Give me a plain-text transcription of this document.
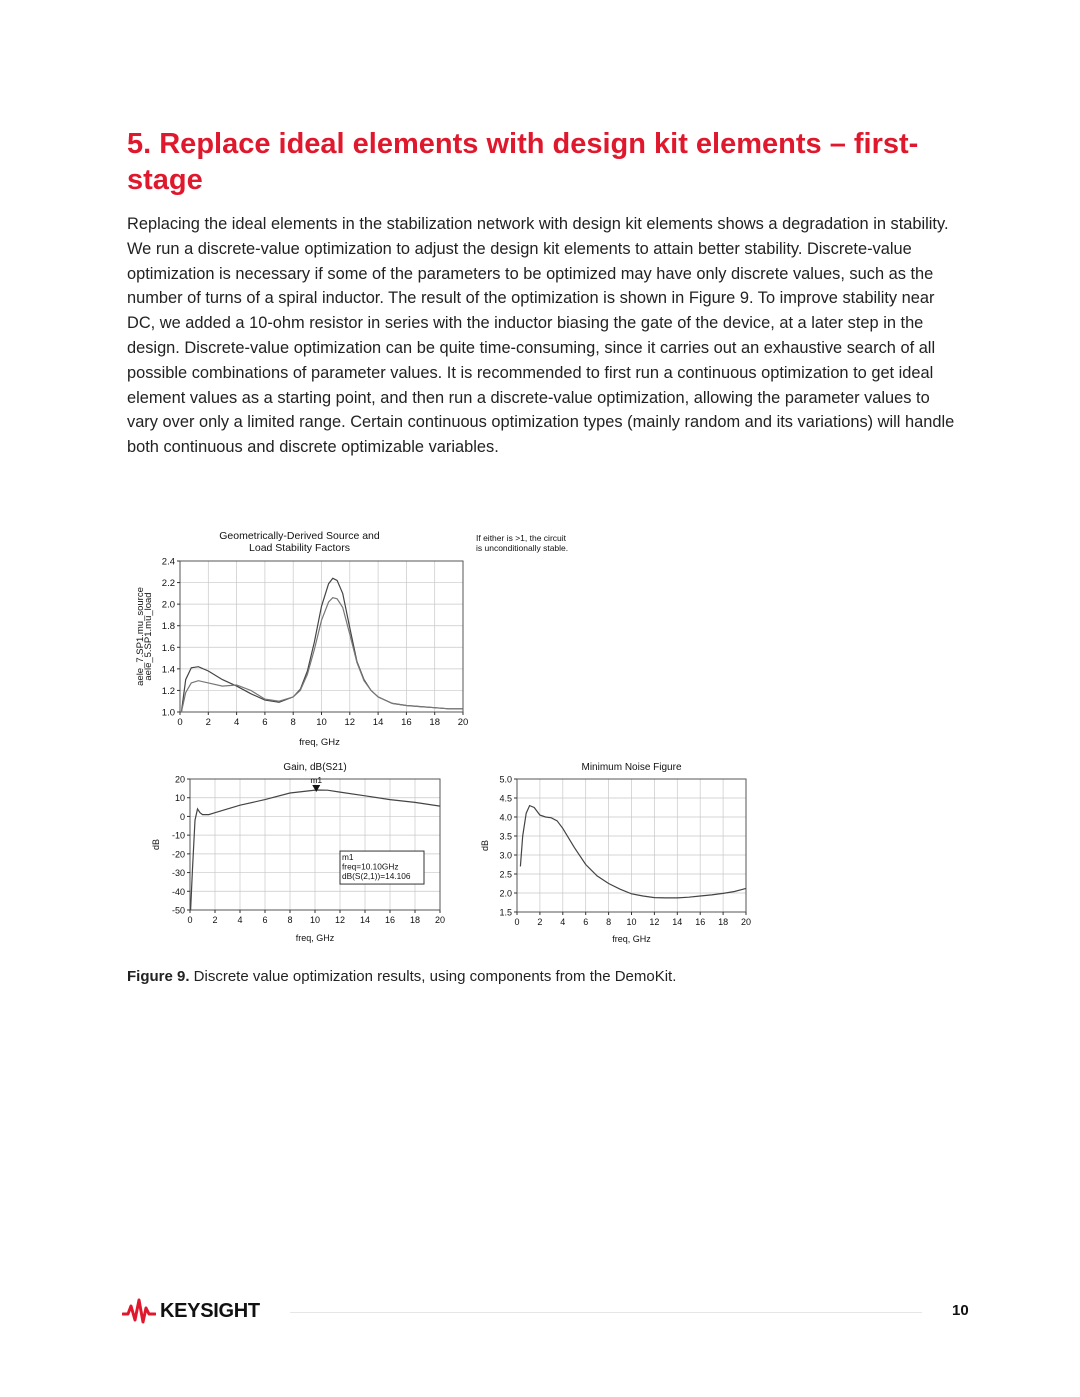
5. Replace ideal elements with design kit elements – first-stage

Replacing the ideal elements in the stabilization network with design kit elements shows a degradation in stability. We run a discrete-value optimization to adjust the design kit elements to attain better stability. Discrete-value optimization is necessary if some of the parameters to be optimized may have only discrete values, such as the number of turns of a spiral inductor. The result of the optimization is shown in Figure 9. To improve stability near DC, we added a 10-ohm resistor in series with the inductor biasing the gate of the device, at a later step in the design. Discrete-value optimization can be quite time-consuming, since it carries out an exhaustive search of all possible combinations of parameter values. It is recommended to first run a continuous optimization to get ideal element values as a starting point, and then run a discrete-value optimization, allowing the parameter values to vary over only a limited range. Certain continuous optimization types (mainly random and its variations) will handle both continuous and discrete optimizable variables.

Geometrically-Derived Source and
Load Stability Factors
0 2 4 6 8 10 12 14 16 18 20
1.0
1.2
1.4
1.6
1.8
2.0
2.2
2.4
freq, GHz
aele_7.SP1.mu_source
aele_5.SP1.mu_load
If either is >1, the circuit
is unconditionally stable.
Gain, dB(S21)
0 2 4 6 8 10 12 14 16 18 20
-50
-40
-30
-20
-10
0
10
20
freq, GHz
dB
m1
m1
freq=10.10GHz
dB(S(2,1))=14.106
Minimum Noise Figure
0 2 4 6 8 10 12 14 16 18 20
1.5
2.0
2.5
3.0
3.5
4.0
4.5
5.0
freq, GHz
dB

Figure 9. Discrete value optimization results, using components from the DemoKit.

KEYSIGHT	10
